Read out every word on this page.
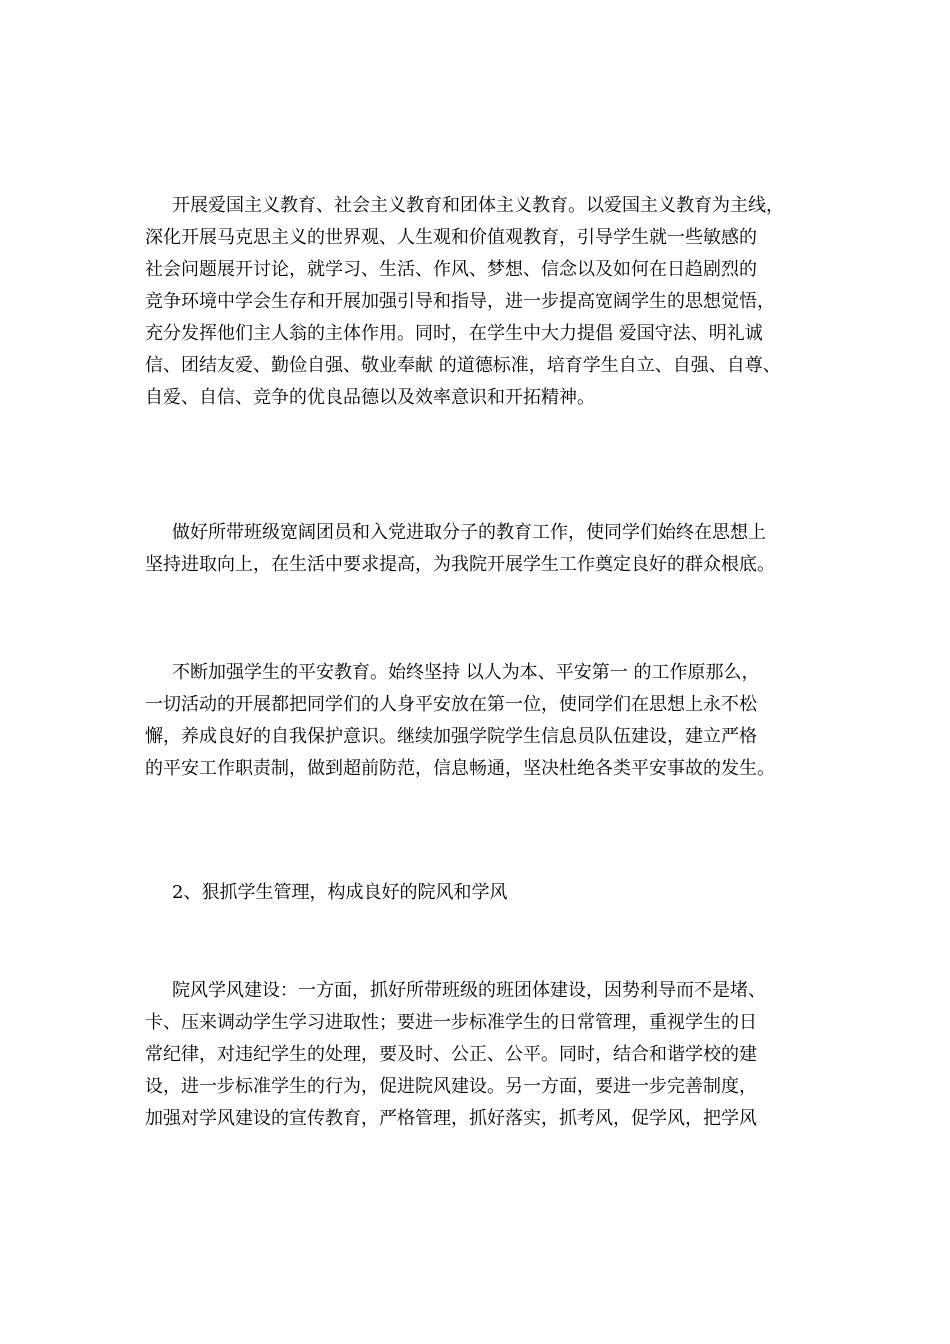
开展爱国主义教育、社会主义教育和团体主义教育。以爱国主义教育为主线，
深化开展马克思主义的世界观、人生观和价值观教育，引导学生就一些敏感的
社会问题展开讨论，就学习、生活、作风、梦想、信念以及如何在日趋剧烈的
竞争环境中学会生存和开展加强引导和指导，进一步提高宽阔学生的思想觉悟，
充分发挥他们主人翁的主体作用。同时，在学生中大力提倡 爱国守法、明礼诚
信、团结友爱、勤俭自强、敬业奉献 的道德标准，培育学生自立、自强、自尊、
自爱、自信、竞争的优良品德以及效率意识和开拓精神。
做好所带班级宽阔团员和入党进取分子的教育工作，使同学们始终在思想上
坚持进取向上，在生活中要求提高，为我院开展学生工作奠定良好的群众根底。
不断加强学生的平安教育。始终坚持 以人为本、平安第一 的工作原那么，
一切活动的开展都把同学们的人身平安放在第一位，使同学们在思想上永不松
懈，养成良好的自我保护意识。继续加强学院学生信息员队伍建设，建立严格
的平安工作职责制，做到超前防范，信息畅通，坚决杜绝各类平安事故的发生。
2、狠抓学生管理，构成良好的院风和学风
院风学风建设：一方面，抓好所带班级的班团体建设，因势利导而不是堵、
卡、压来调动学生学习进取性；要进一步标准学生的日常管理，重视学生的日
常纪律，对违纪学生的处理，要及时、公正、公平。同时，结合和谐学校的建
设，进一步标准学生的行为，促进院风建设。另一方面，要进一步完善制度，
加强对学风建设的宣传教育，严格管理，抓好落实，抓考风，促学风，把学风
